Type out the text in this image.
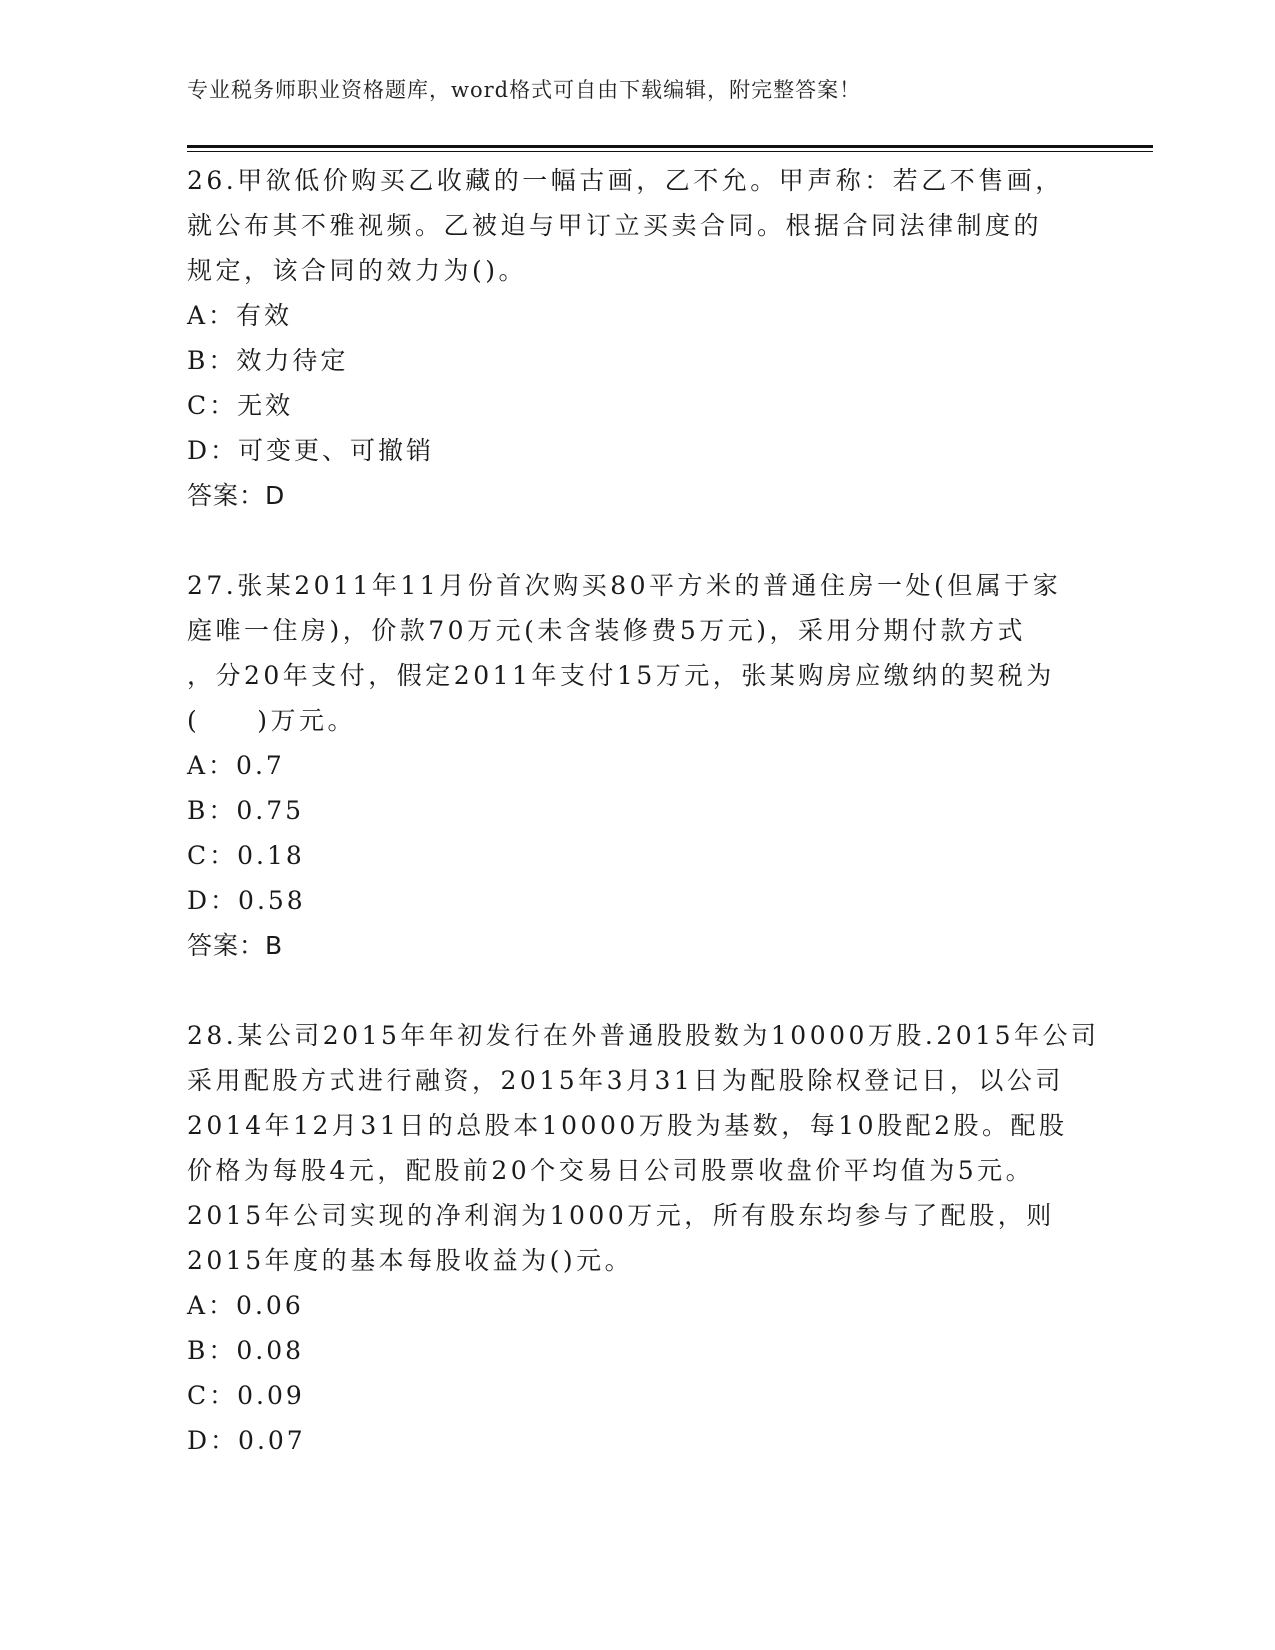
专业税务师职业资格题库，word格式可自由下载编辑，附完整答案！
26.甲欲低价购买乙收藏的一幅古画，乙不允。甲声称：若乙不售画，
就公布其不雅视频。乙被迫与甲订立买卖合同。根据合同法律制度的
规定，该合同的效力为()。
A：有效
B：效力待定
C：无效
D：可变更、可撤销
答案：D
27.张某2011年11月份首次购买80平方米的普通住房一处(但属于家
庭唯一住房)，价款70万元(未含装修费5万元)，采用分期付款方式
，分20年支付，假定2011年支付15万元，张某购房应缴纳的契税为
(　　)万元。
A：0.7
B：0.75
C：0.18
D：0.58
答案：B
28.某公司2015年年初发行在外普通股股数为10000万股.2015年公司
采用配股方式进行融资，2015年3月31日为配股除权登记日，以公司
2014年12月31日的总股本10000万股为基数，每10股配2股。配股
价格为每股4元，配股前20个交易日公司股票收盘价平均值为5元。
2015年公司实现的净利润为1000万元，所有股东均参与了配股，则
2015年度的基本每股收益为()元。
A：0.06
B：0.08
C：0.09
D：0.07
